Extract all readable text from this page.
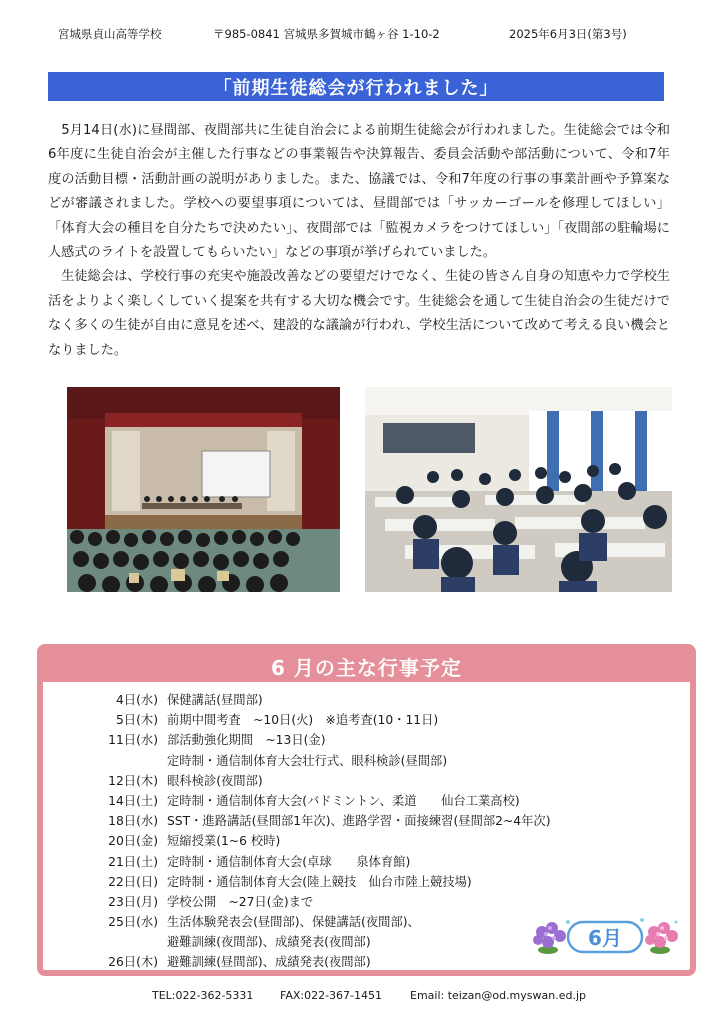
宮城県貞山高等学校	〒985-0841 宮城県多賀城市鶴ヶ谷 1-10-2	2025年6月3日(第3号)
「前期生徒総会が行われました」

5月14日(水)に昼間部、夜間部共に生徒自治会による前期生徒総会が行われました。生徒総会では令和6年度に生徒自治会が主催した行事などの事業報告や決算報告、委員会活動や部活動について、令和7年度の活動目標・活動計画の説明がありました。また、協議では、令和7年度の行事の事業計画や予算案などが審議されました。学校への要望事項については、昼間部では「サッカーゴールを修理してほしい」「体育大会の種目を自分たちで決めたい」、夜間部では「監視カメラをつけてほしい」「夜間部の駐輪場に人感式のライトを設置してもらいたい」などの事項が挙げられていました。

生徒総会は、学校行事の充実や施設改善などの要望だけでなく、生徒の皆さん自身の知恵や力で学校生活をよりよく楽しくしていく提案を共有する大切な機会です。生徒総会を通して生徒自治会の生徒だけでなく多くの生徒が自由に意見を述べ、建設的な議論が行われ、学校生活について改めて考える良い機会となりました。

6 月の主な行事予定
4日(水) 保健講話(昼間部)
5日(木) 前期中間考査　~10日(火)　※追考査(10・11日)
11日(水) 部活動強化期間　~13日(金)
定時制・通信制体育大会壮行式、眼科検診(昼間部)
12日(木) 眼科検診(夜間部)
14日(土) 定時制・通信制体育大会(バドミントン、柔道　　仙台工業高校)
18日(水) SST・進路講話(昼間部1年次)、進路学習・面接練習(昼間部2~4年次)
20日(金) 短縮授業(1~6 校時)
21日(土) 定時制・通信制体育大会(卓球　　泉体育館)
22日(日) 定時制・通信制体育大会(陸上競技　仙台市陸上競技場)
23日(月) 学校公開　~27日(金)まで
25日(水) 生活体験発表会(昼間部)、保健講話(夜間部)、
避難訓練(夜間部)、成績発表(夜間部)
26日(木) 避難訓練(昼間部)、成績発表(夜間部)
6月
TEL:022-362-5331 FAX:022-367-1451	Email: teizan@od.myswan.ed.jp
